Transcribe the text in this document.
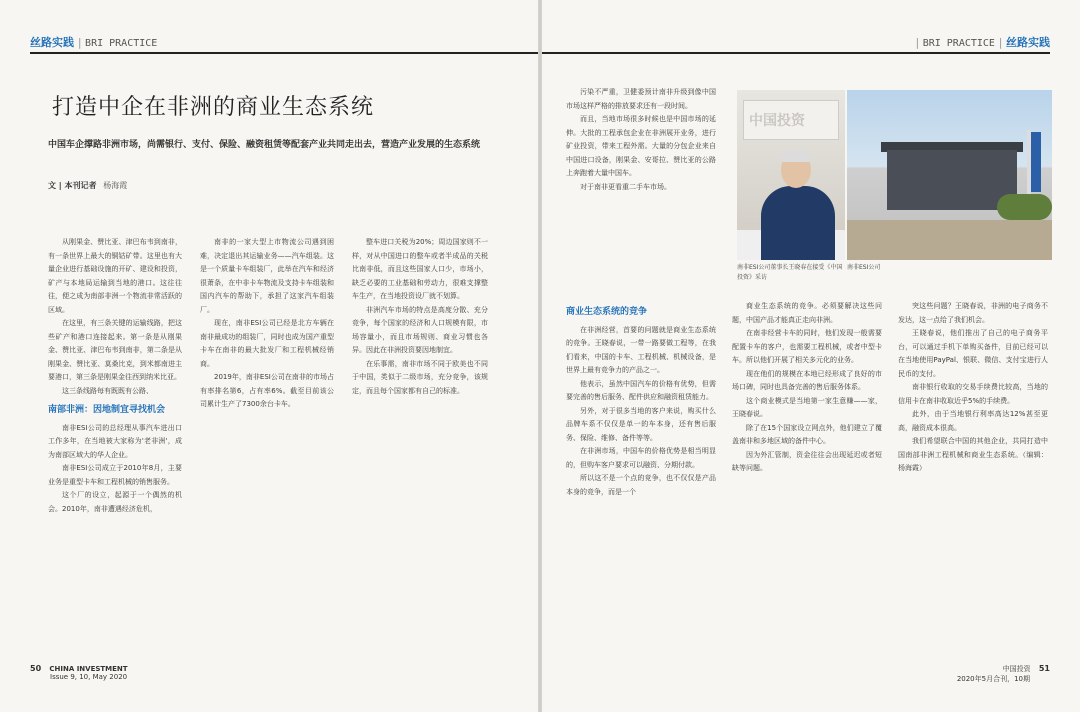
丝路实践 | BRI PRACTICE
打造中企在非洲的商业生态系统
中国车企撑路非洲市场，尚需银行、支付、保险、融资租赁等配套产业共同走出去，营造产业发展的生态系统
文 | 本刊记者 杨海霞

从刚果金、赞比亚、津巴布韦到南非，有一条世界上最大的铜钴矿带。这里也有大量企业进行基础设施的开矿、建设和投资，矿产与本地局运输到当地的港口。这往往往，便之成为南部非洲一个物流非常活跃的区域。

在这里，有三条关键的运输线路，把这些矿产和港口连接起来。第一条是从刚果金、赞比亚、津巴布韦到南非，第二条是从刚果金、赞比亚、莫桑比克，到米都南进主要港口，第三条是刚果金往西到纳米比亚。

这三条线路每有既既有公路、

南部非洲：因地制宜寻找机会

南非ESI公司的总经理从事汽车进出口工作多年，在当地被大家称为'老非洲'，成为南部区域大的华人企业。

南非ESI公司成立于2010年8月，主要业务是重型卡车和工程机械的销售服务。

这个厂的设立，起源于一个偶然的机会。2010年，南非遭遇经济危机，

南非的一家大型上市物流公司遇到困难，决定退出其运输业务——汽车组装。这是一个质量卡车组装厂，此举在汽车和经济很萧条，在中非卡车物流及支持卡车组装和国内汽车的帮助下，承担了这家汽车组装厂。

现在，南非ESI公司已经是北方车辆在南非最成功的组装厂，同时也成为国产重型卡车在南非的最大批发厂和工程机械经销商。

2019年，南非ESI公司在南非的市场占有率排名第6，占有率6%。截至目前该公司累计生产了7300余台卡车。

整车进口关税为20%；周边国家则不一样，对从中国进口的整车或者半成品的关税比南非低，而且这些国家人口少，市场小，缺乏必要的工业基础和劳动力，很难支撑整车生产，在当地投资设厂就不划算。

非洲汽车市场的特点是高度分散、充分竞争，每个国家的经济和人口规模有限，市场容量小，而且市场规则、商业习惯也各异。因此在非洲投资要因地制宜。

在乐事需，南非市场不同于欧美也不同于中国，类似于二级市场，充分竞争，该规定，而且每个国家都有自己的标准。

50 CHINA INVESTMENT
Issue 9, 10, May 2020
| BRI PRACTICE | 丝路实践

污染不严重，卫健委预计南非升级到像中国市场这样严格的排放要求还有一段时间。

而且，当地市场很多时候也是中国市场的延伸。大批的工程承包企业在非洲展开业务，进行矿业投资，带来工程外需。大量的分包企业来自中国进口设备，刚果金、安哥拉、赞比亚的公路上奔跑着大量中国车。

对于南非更看重二手车市场。

中国投资
南非ESI公司董事长王晓春在接受《中国投资》采访
南非ESI公司
商业生态系统的竞争

在非洲经营，首要的问题就是商业生态系统的竞争。王晓春说，一带一路要做工程等，在我们看来，中国的卡车、工程机械、机械设备，是世界上最有竞争力的产品之一。

他表示，虽然中国汽车的价格有优势，但需要完善的售后服务、配件供应和融资租赁能力。

另外，对于很多当地的客户来说，购买什么品牌车系不仅仅是单一的车本身，还有售后服务、保险、维修、备件等等。

在非洲市场，中国车的价格优势是相当明显的，但购车客户要求可以融资、分期付款。

所以这不是一个点的竞争，也不仅仅是产品本身的竞争，而是一个

商业生态系统的竞争。必须要解决这些问题，中国产品才能真正走向非洲。

在南非经营卡车的同时，他们发现一般需要配置卡车的客户，也需要工程机械，或者中型卡车。所以他们开展了相关多元化的业务。

现在他们的规模在本地已经形成了良好的市场口碑，同时也具备完善的售后服务体系。

这个商业模式是当地第一家生意赚——家，王晓春说。

除了在15个国家设立网点外，他们建立了覆盖南非和多地区域的备件中心。

因为外汇管制，资金往往会出现延迟或者短缺等问题。

突这些问题？王晓春说，非洲的电子商务不发达，这一点给了我们机会。

王晓春说，他们推出了自己的电子商务平台，可以通过手机下单购买备件，目前已经可以在当地使用PayPal、银联、微信、支付宝进行人民币的支付。

南非银行收取的交易手续费比较高，当地的信用卡在南非收取近乎5%的手续费。

此外，由于当地银行利率高达12%甚至更高，融资成本很高。

我们希望联合中国的其他企业，共同打造中国南部非洲工程机械和商业生态系统。（编辑：杨海霞）

中国投资 51
2020年5月合刊，10期
